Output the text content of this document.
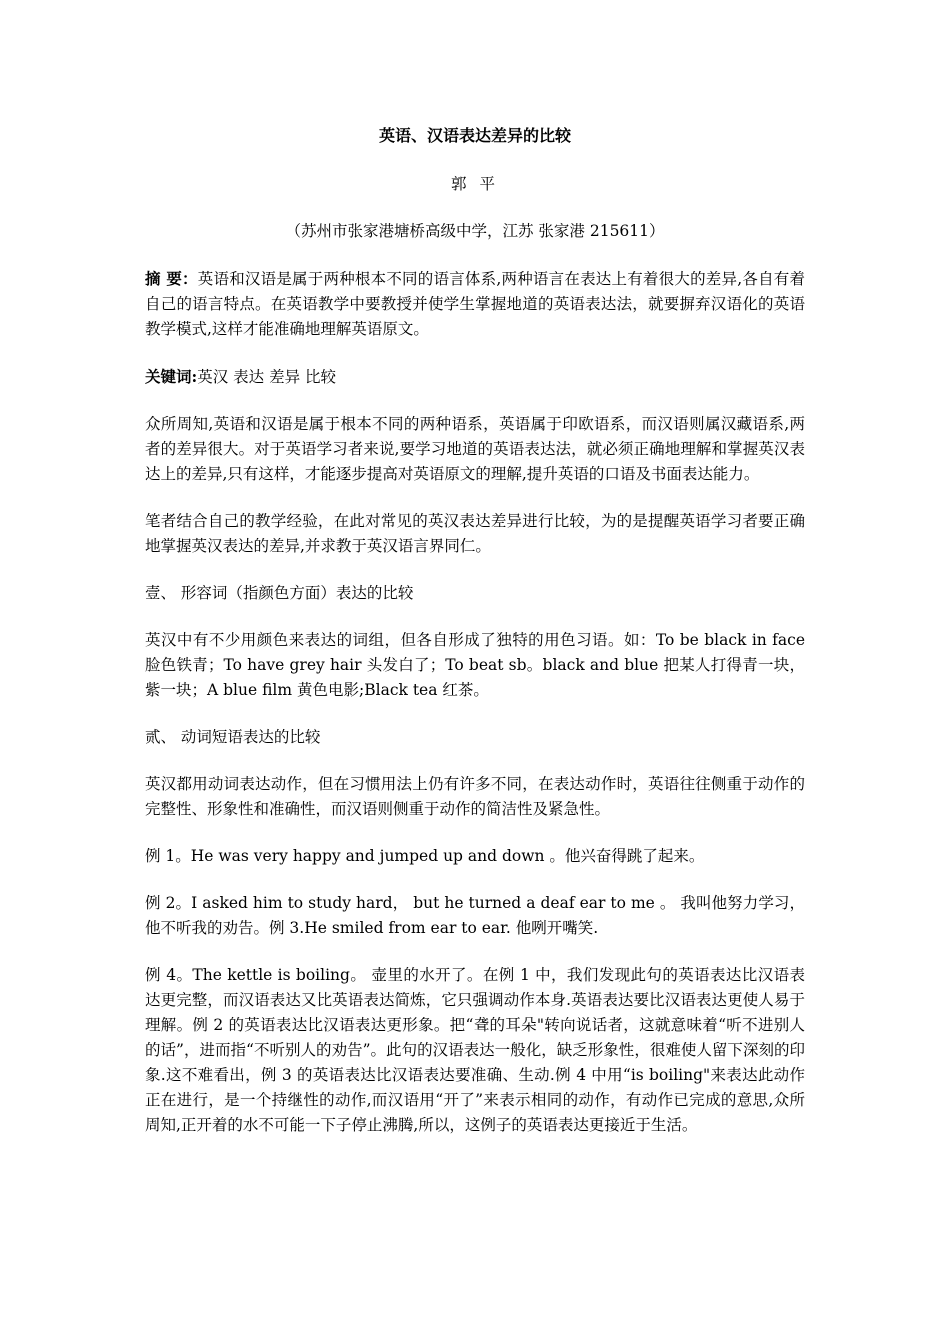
英语、汉语表达差异的比较
郭 平
（苏州市张家港塘桥高级中学，江苏 张家港 215611）

摘 要：英语和汉语是属于两种根本不同的语言体系,两种语言在表达上有着很大的差异,各自有着自己的语言特点。在英语教学中要教授并使学生掌握地道的英语表达法，就要摒弃汉语化的英语教学模式,这样才能准确地理解英语原文。

关键词:英汉 表达 差异 比较

众所周知,英语和汉语是属于根本不同的两种语系，英语属于印欧语系，而汉语则属汉藏语系,两者的差异很大。对于英语学习者来说,要学习地道的英语表达法，就必须正确地理解和掌握英汉表达上的差异,只有这样，才能逐步提高对英语原文的理解,提升英语的口语及书面表达能力。

笔者结合自己的教学经验，在此对常见的英汉表达差异进行比较，为的是提醒英语学习者要正确地掌握英汉表达的差异,并求教于英汉语言界同仁。

壹、 形容词（指颜色方面）表达的比较

英汉中有不少用颜色来表达的词组，但各自形成了独特的用色习语。如：To be black in face 脸色铁青；To have grey hair 头发白了；To beat sb。black and blue 把某人打得青一块，紫一块；A blue film 黄色电影;Black tea 红茶。

贰、 动词短语表达的比较

英汉都用动词表达动作，但在习惯用法上仍有许多不同，在表达动作时，英语往往侧重于动作的完整性、形象性和准确性，而汉语则侧重于动作的简洁性及紧急性。

例 1。He was very happy and jumped up and down 。他兴奋得跳了起来。

例 2。I asked him to study hard， but he turned a deaf ear to me 。 我叫他努力学习，他不听我的劝告。例 3.He smiled from ear to ear. 他咧开嘴笑.

例 4。The kettle is boiling。 壶里的水开了。在例 1 中，我们发现此句的英语表达比汉语表达更完整，而汉语表达又比英语表达简炼，它只强调动作本身.英语表达要比汉语表达更使人易于理解。例 2 的英语表达比汉语表达更形象。把“聋的耳朵"转向说话者，这就意味着“听不进别人的话”，进而指“不听别人的劝告”。此句的汉语表达一般化，缺乏形象性，很难使人留下深刻的印象.这不难看出，例 3 的英语表达比汉语表达要准确、生动.例 4 中用“is boiling"来表达此动作正在进行，是一个持继性的动作,而汉语用“开了”来表示相同的动作，有动作已完成的意思,众所周知,正开着的水不可能一下子停止沸腾,所以，这例子的英语表达更接近于生活。
